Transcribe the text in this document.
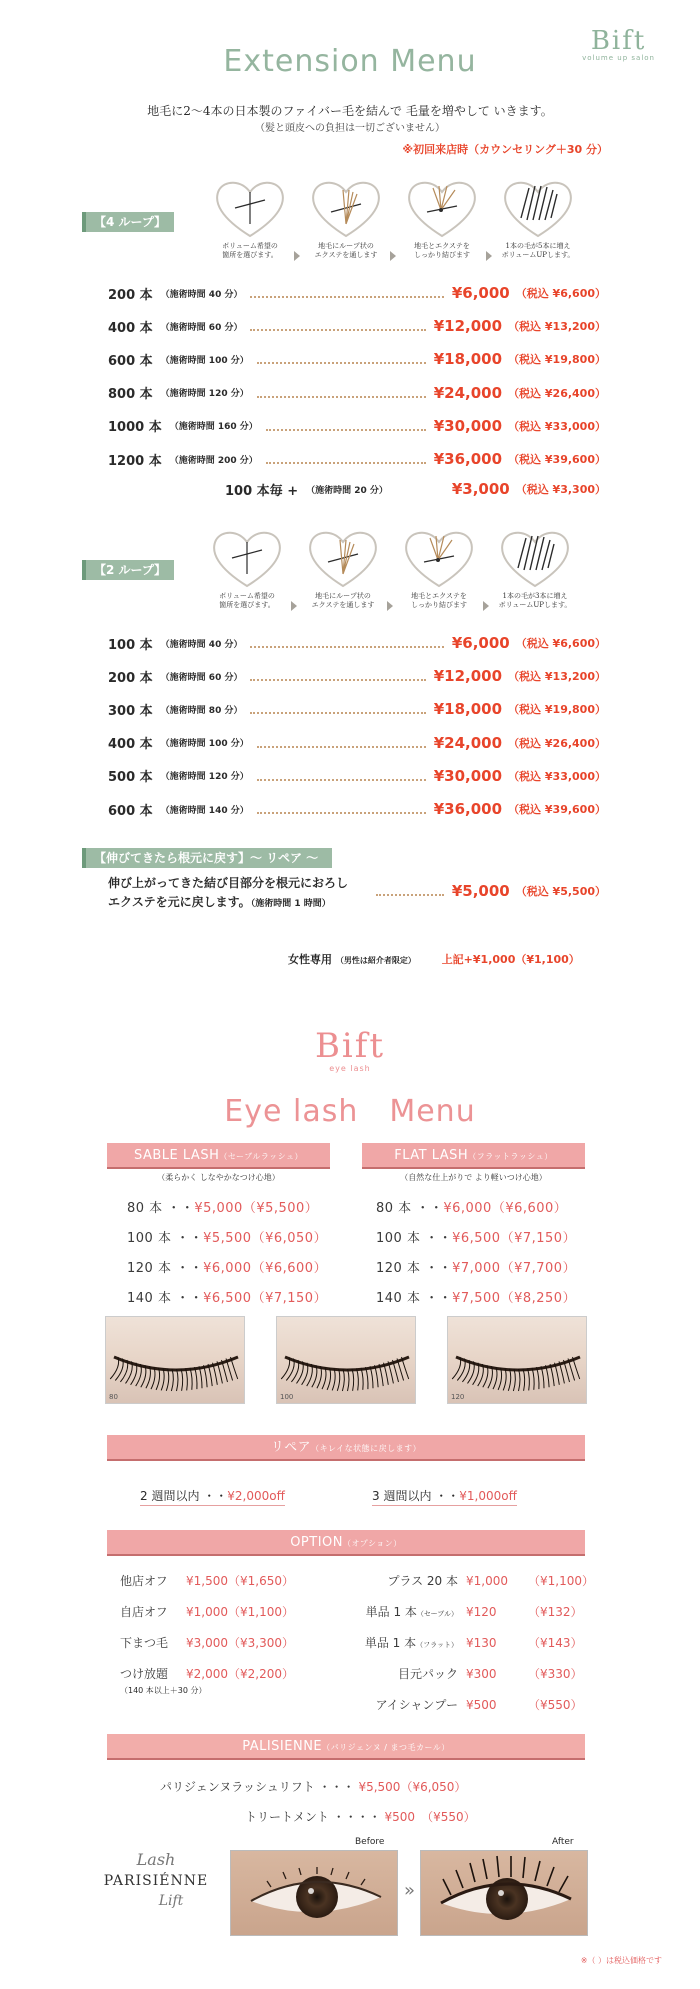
Bift
volume up salon
Extension Menu
地毛に2〜4本の日本製のファイバー毛を結んで 毛量を増やして いきます。
（髪と頭皮への負担は一切ございません）
※初回来店時（カウンセリング＋30 分）
【4 ループ】
ボリューム希望の
箇所を選びます。
地毛にループ状の
エクステを通します
地毛とエクステを
しっかり結びます
1本の毛が5本に増え
ボリュームUPします。
200 本 （施術時間 40 分）	¥6,000 （税込 ¥6,600）
400 本 （施術時間 60 分）	¥12,000 （税込 ¥13,200）
600 本 （施術時間 100 分）	¥18,000 （税込 ¥19,800）
800 本 （施術時間 120 分）	¥24,000 （税込 ¥26,400）
1000 本 （施術時間 160 分）	¥30,000 （税込 ¥33,000）
1200 本 （施術時間 200 分）	¥36,000 （税込 ¥39,600）
100 本毎 + （施術時間 20 分）	¥3,000 （税込 ¥3,300）
【2 ループ】
ボリューム希望の
箇所を選びます。
地毛にループ状の
エクステを通します
地毛とエクステを
しっかり結びます
1本の毛が3本に増え
ボリュームUPします。
100 本 （施術時間 40 分）	¥6,000 （税込 ¥6,600）
200 本 （施術時間 60 分）	¥12,000 （税込 ¥13,200）
300 本 （施術時間 80 分）	¥18,000 （税込 ¥19,800）
400 本 （施術時間 100 分）	¥24,000 （税込 ¥26,400）
500 本 （施術時間 120 分）	¥30,000 （税込 ¥33,000）
600 本 （施術時間 140 分）	¥36,000 （税込 ¥39,600）
【伸びてきたら根元に戻す】〜 リペア 〜
伸び上がってきた結び目部分を根元におろし
エクステを元に戻します。（施術時間 1 時間）
¥5,000 （税込 ¥5,500）
女性専用 （男性は紹介者限定） 上記+¥1,000（¥1,100）
Bift
eye lash
Eye lash　Menu
SABLE LASH（セーブルラッシュ）
（柔らかく しなやかなつけ心地）
80 本 ・・¥5,000（¥5,500）
100 本 ・・¥5,500（¥6,050）
120 本 ・・¥6,000（¥6,600）
140 本 ・・¥6,500（¥7,150）
FLAT LASH（フラットラッシュ）
（自然な仕上がりで より軽いつけ心地）
80 本 ・・¥6,000（¥6,600）
100 本 ・・¥6,500（¥7,150）
120 本 ・・¥7,000（¥7,700）
140 本 ・・¥7,500（¥8,250）
80	100	120
リペア（キレイな状態に戻します）
2 週間以内 ・・¥2,000off	3 週間以内 ・・¥1,000off
OPTION（オプション）
他店オフ ¥1,500（¥1,650）
自店オフ ¥1,000（¥1,100）
下まつ毛 ¥3,000（¥3,300）
つけ放題 ¥2,000（¥2,200）
（140 本以上＋30 分）
プラス 20 本 ¥1,000 （¥1,100）
単品 1 本（セーブル） ¥120	（¥132）
単品 1 本（フラット） ¥130	（¥143）
目元パック ¥300	（¥330）
アイシャンプー ¥500	（¥550）
PALISIENNE（パリジェンヌ / まつ毛カール）
パリジェンヌラッシュリフト ・・・ ¥5,500（¥6,050）
トリートメント ・・・・ ¥500　（¥550）
Lash
PARISIÉNNE
Lift
Before	After
»
※（ ）は税込価格です
